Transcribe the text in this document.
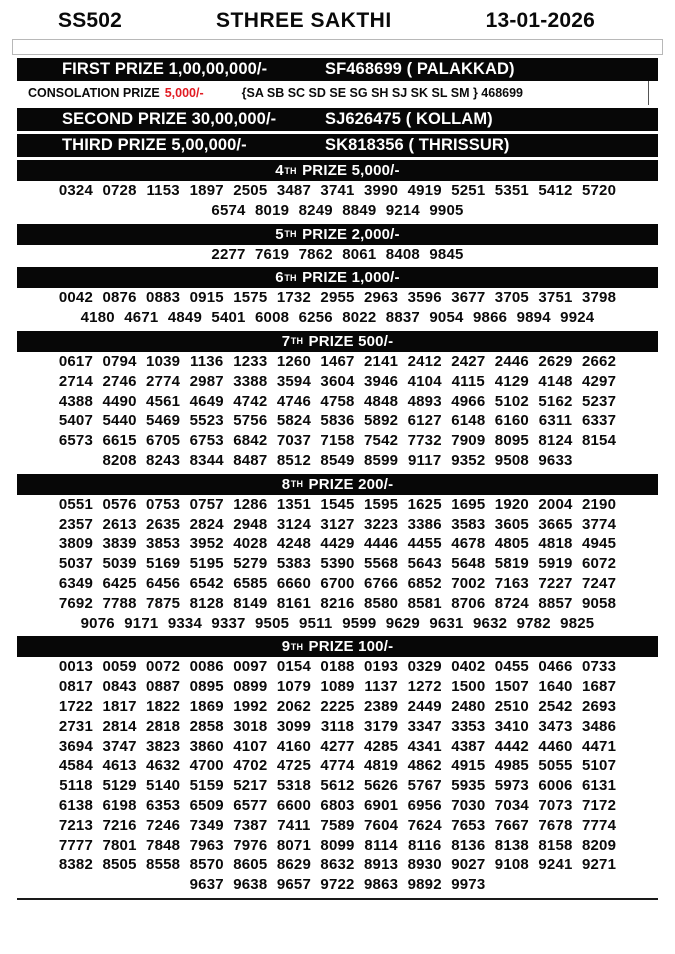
SS502	STHREE SAKTHI	13-01-2026
FIRST PRIZE 1,00,00,000/-	SF468699 ( PALAKKAD)
CONSOLATION PRIZE 5,000/-	{SA SB SC SD SE SG SH SJ SK SL SM } 468699
SECOND PRIZE 30,00,000/-	SJ626475 ( KOLLAM)
THIRD PRIZE 5,00,000/-	SK818356 ( THRISSUR)
4 TH PRIZE 5,000/-
0324 0728 1153 1897 2505 3487 3741 3990 4919 5251 5351 5412 5720
6574 8019 8249 8849 9214 9905
5 TH PRIZE 2,000/-
2277 7619 7862 8061 8408 9845
6 TH PRIZE 1,000/-
0042 0876 0883 0915 1575 1732 2955 2963 3596 3677 3705 3751 3798
4180 4671 4849 5401 6008 6256 8022 8837 9054 9866 9894 9924
7 TH PRIZE 500/-
0617 0794 1039 1136 1233 1260 1467 2141 2412 2427 2446 2629 2662
2714 2746 2774 2987 3388 3594 3604 3946 4104 4115 4129 4148 4297
4388 4490 4561 4649 4742 4746 4758 4848 4893 4966 5102 5162 5237
5407 5440 5469 5523 5756 5824 5836 5892 6127 6148 6160 6311 6337
6573 6615 6705 6753 6842 7037 7158 7542 7732 7909 8095 8124 8154
8208 8243 8344 8487 8512 8549 8599 9117 9352 9508 9633
8 TH PRIZE 200/-
0551 0576 0753 0757 1286 1351 1545 1595 1625 1695 1920 2004 2190
2357 2613 2635 2824 2948 3124 3127 3223 3386 3583 3605 3665 3774
3809 3839 3853 3952 4028 4248 4429 4446 4455 4678 4805 4818 4945
5037 5039 5169 5195 5279 5383 5390 5568 5643 5648 5819 5919 6072
6349 6425 6456 6542 6585 6660 6700 6766 6852 7002 7163 7227 7247
7692 7788 7875 8128 8149 8161 8216 8580 8581 8706 8724 8857 9058
9076 9171 9334 9337 9505 9511 9599 9629 9631 9632 9782 9825
9 TH PRIZE 100/-
0013 0059 0072 0086 0097 0154 0188 0193 0329 0402 0455 0466 0733
0817 0843 0887 0895 0899 1079 1089 1137 1272 1500 1507 1640 1687
1722 1817 1822 1869 1992 2062 2225 2389 2449 2480 2510 2542 2693
2731 2814 2818 2858 3018 3099 3118 3179 3347 3353 3410 3473 3486
3694 3747 3823 3860 4107 4160 4277 4285 4341 4387 4442 4460 4471
4584 4613 4632 4700 4702 4725 4774 4819 4862 4915 4985 5055 5107
5118 5129 5140 5159 5217 5318 5612 5626 5767 5935 5973 6006 6131
6138 6198 6353 6509 6577 6600 6803 6901 6956 7030 7034 7073 7172
7213 7216 7246 7349 7387 7411 7589 7604 7624 7653 7667 7678 7774
7777 7801 7848 7963 7976 8071 8099 8114 8116 8136 8138 8158 8209
8382 8505 8558 8570 8605 8629 8632 8913 8930 9027 9108 9241 9271
9637 9638 9657 9722 9863 9892 9973
